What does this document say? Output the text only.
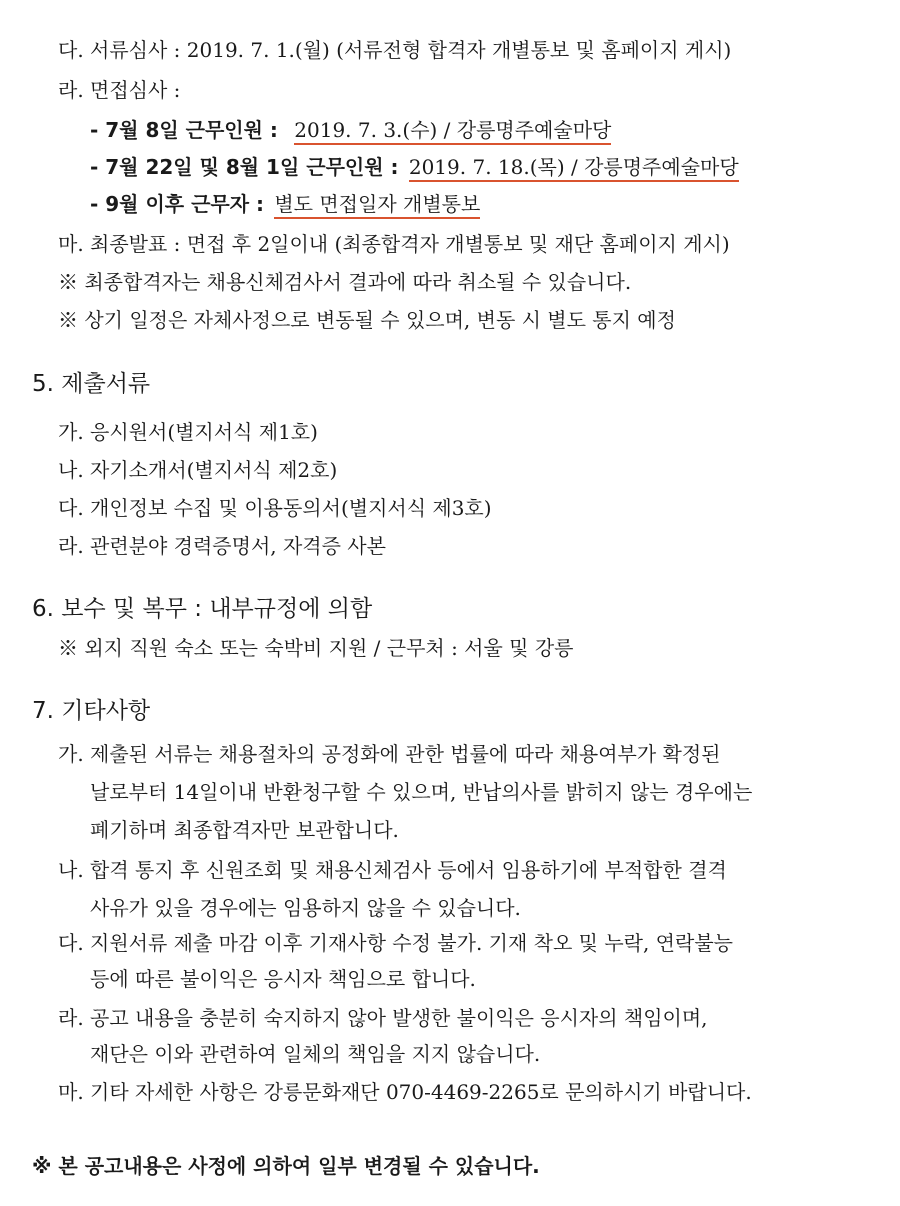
다. 서류심사 : 2019. 7. 1.(월) (서류전형 합격자 개별통보 및 홈페이지 게시)
라. 면접심사 :
- 7월 8일 근무인원 : 2019. 7. 3.(수) / 강릉명주예술마당
- 7월 22일 및 8월 1일 근무인원 : 2019. 7. 18.(목) / 강릉명주예술마당
- 9월 이후 근무자 : 별도 면접일자 개별통보
마. 최종발표 : 면접 후 2일이내 (최종합격자 개별통보 및 재단 홈페이지 게시)
※ 최종합격자는 채용신체검사서 결과에 따라 취소될 수 있습니다.
※ 상기 일정은 자체사정으로 변동될 수 있으며, 변동 시 별도 통지 예정
5. 제출서류
가. 응시원서(별지서식 제1호)
나. 자기소개서(별지서식 제2호)
다. 개인정보 수집 및 이용동의서(별지서식 제3호)
라. 관련분야 경력증명서, 자격증 사본
6. 보수 및 복무 : 내부규정에 의함
※ 외지 직원 숙소 또는 숙박비 지원 / 근무처 : 서울 및 강릉
7. 기타사항
가. 제출된 서류는 채용절차의 공정화에 관한 법률에 따라 채용여부가 확정된
날로부터 14일이내 반환청구할 수 있으며, 반납의사를 밝히지 않는 경우에는
폐기하며 최종합격자만 보관합니다.
나. 합격 통지 후 신원조회 및 채용신체검사 등에서 임용하기에 부적합한 결격
사유가 있을 경우에는 임용하지 않을 수 있습니다.
다. 지원서류 제출 마감 이후 기재사항 수정 불가. 기재 착오 및 누락, 연락불능
등에 따른 불이익은 응시자 책임으로 합니다.
라. 공고 내용을 충분히 숙지하지 않아 발생한 불이익은 응시자의 책임이며,
재단은 이와 관련하여 일체의 책임을 지지 않습니다.
마. 기타 자세한 사항은 강릉문화재단 070-4469-2265로 문의하시기 바랍니다.
※ 본 공고내용은 사정에 의하여 일부 변경될 수 있습니다.
